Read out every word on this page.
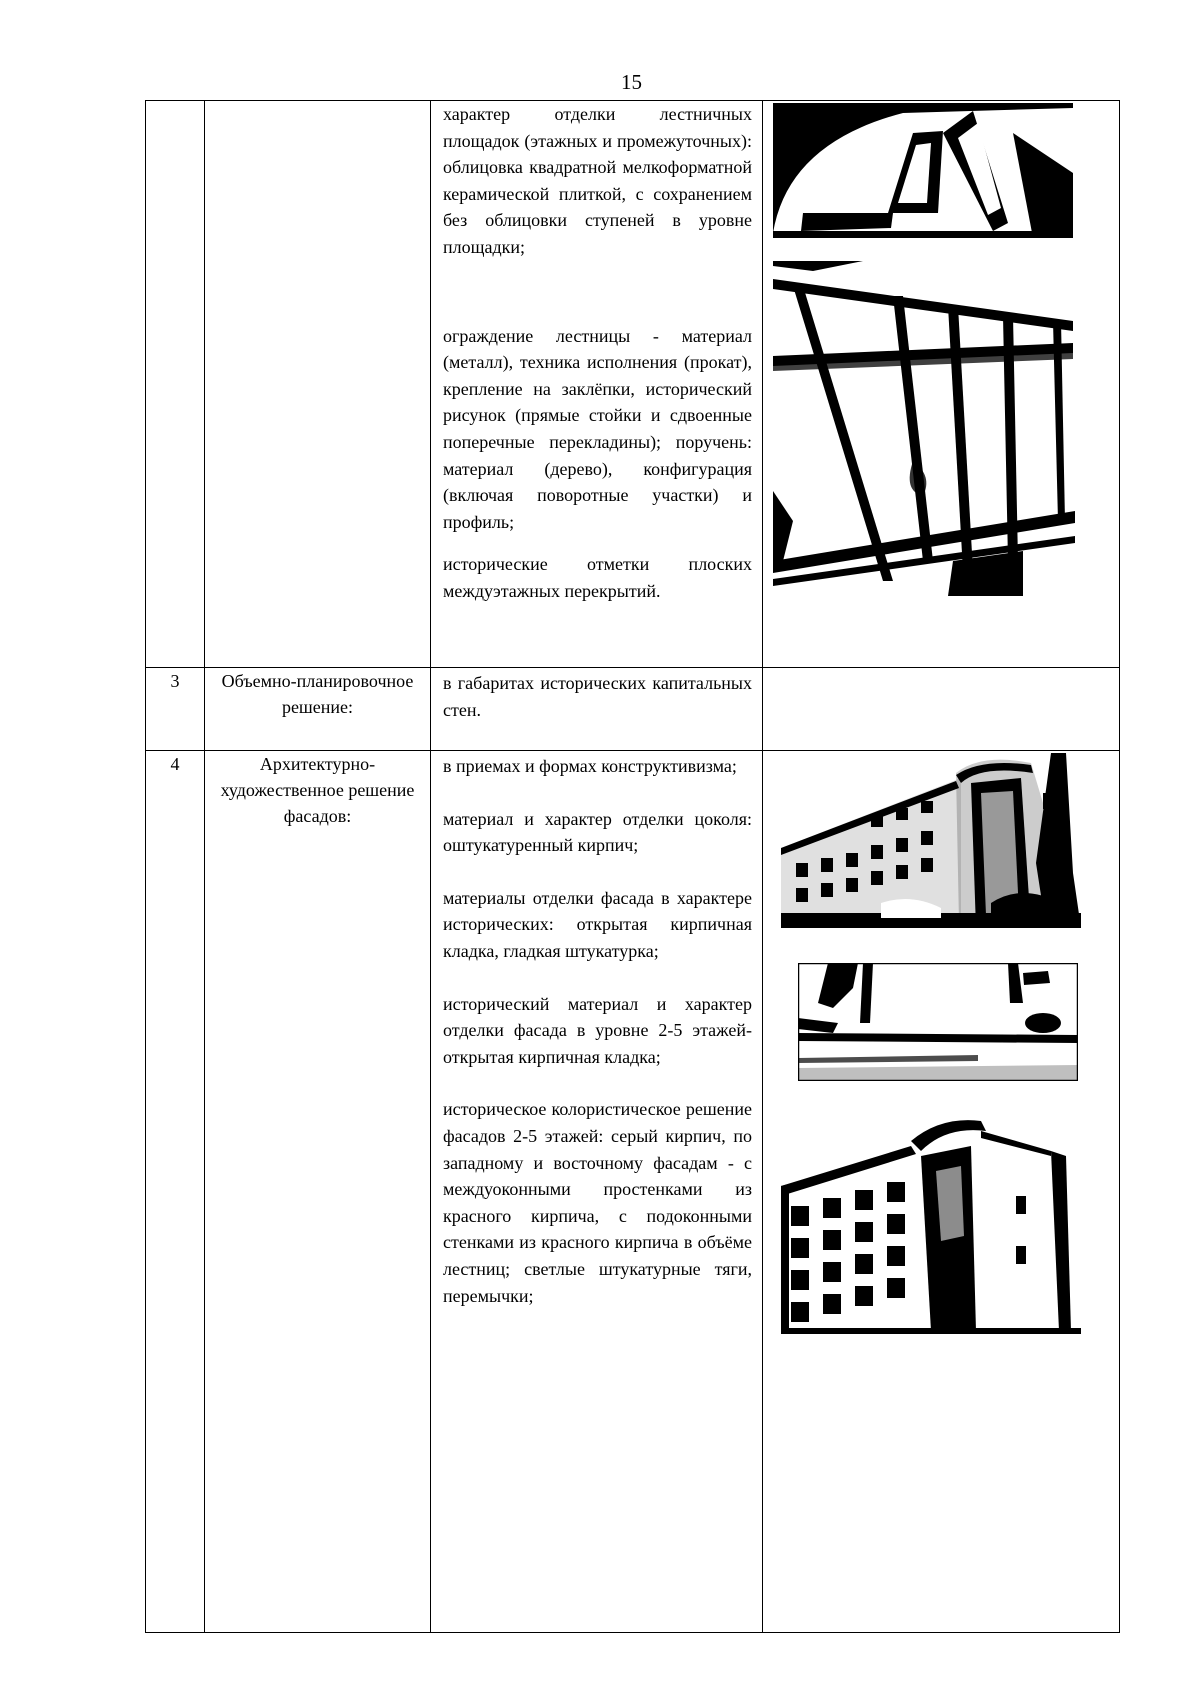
15

		характер отделки лестничных площадок (этажных и промежуточных): облицовка квадратной мелкоформатной керамической плиткой, с сохранением без облицовки ступеней в уровне площадки;

ограждение лестницы - материал (металл), техника исполнения (прокат), крепление на заклёпки, исторический рисунок (прямые стойки и сдвоенные поперечные перекладины); поручень: материал (дерево), конфигурация (включая поворотные участки) и профиль;

исторические отметки плоских междуэтажных перекрытий.

3	Объемно-планировочное решение:	в габаритах исторических капитальных стен.	

4	Архитектурно-художественное решение фасадов:	в приемах и формах конструктивизма;

материал и характер отделки цоколя: оштукатуренный кирпич;

материалы отделки фасада в характере исторических: открытая кирпичная кладка, гладкая штукатурка;

исторический материал и характер отделки фасада в уровне 2-5 этажей- открытая кирпичная кладка;

историческое колористическое решение фасадов 2-5 этажей: серый кирпич, по западному и восточному фасадам - с междуоконными простенками из красного кирпича, с подоконными стенками из красного кирпича в объёме лестниц; светлые штукатурные тяги, перемычки;
